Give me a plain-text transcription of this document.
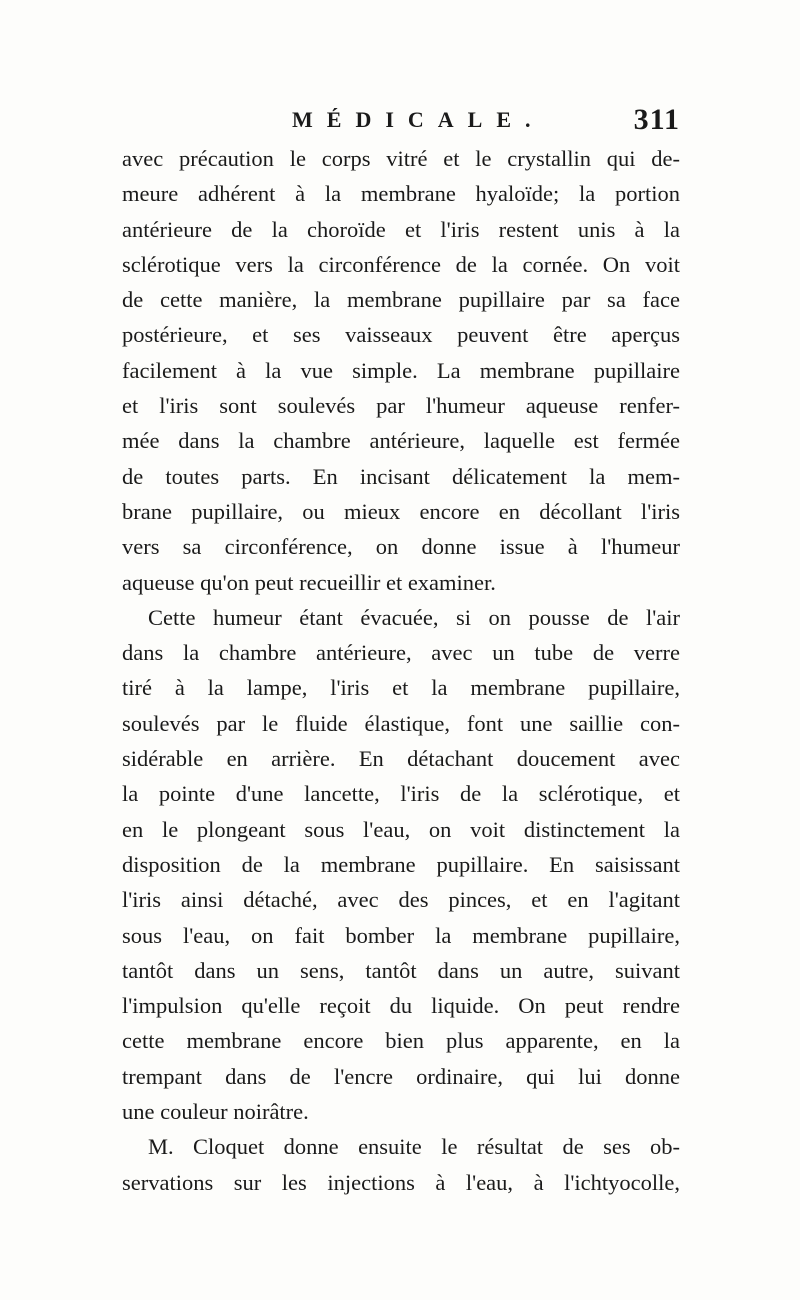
MÉDICALE.	311
avec précaution le corps vitré et le crystallin qui de-
meure adhérent à la membrane hyaloïde; la portion
antérieure de la choroïde et l'iris restent unis à la
sclérotique vers la circonférence de la cornée. On voit
de cette manière, la membrane pupillaire par sa face
postérieure, et ses vaisseaux peuvent être aperçus
facilement à la vue simple. La membrane pupillaire
et l'iris sont soulevés par l'humeur aqueuse renfer-
mée dans la chambre antérieure, laquelle est fermée
de toutes parts. En incisant délicatement la mem-
brane pupillaire, ou mieux encore en décollant l'iris
vers sa circonférence, on donne issue à l'humeur
aqueuse qu'on peut recueillir et examiner.
Cette humeur étant évacuée, si on pousse de l'air
dans la chambre antérieure, avec un tube de verre
tiré à la lampe, l'iris et la membrane pupillaire,
soulevés par le fluide élastique, font une saillie con-
sidérable en arrière. En détachant doucement avec
la pointe d'une lancette, l'iris de la sclérotique, et
en le plongeant sous l'eau, on voit distinctement la
disposition de la membrane pupillaire. En saisissant
l'iris ainsi détaché, avec des pinces, et en l'agitant
sous l'eau, on fait bomber la membrane pupillaire,
tantôt dans un sens, tantôt dans un autre, suivant
l'impulsion qu'elle reçoit du liquide. On peut rendre
cette membrane encore bien plus apparente, en la
trempant dans de l'encre ordinaire, qui lui donne
une couleur noirâtre.
M. Cloquet donne ensuite le résultat de ses ob-
servations sur les injections à l'eau, à l'ichtyocolle,
